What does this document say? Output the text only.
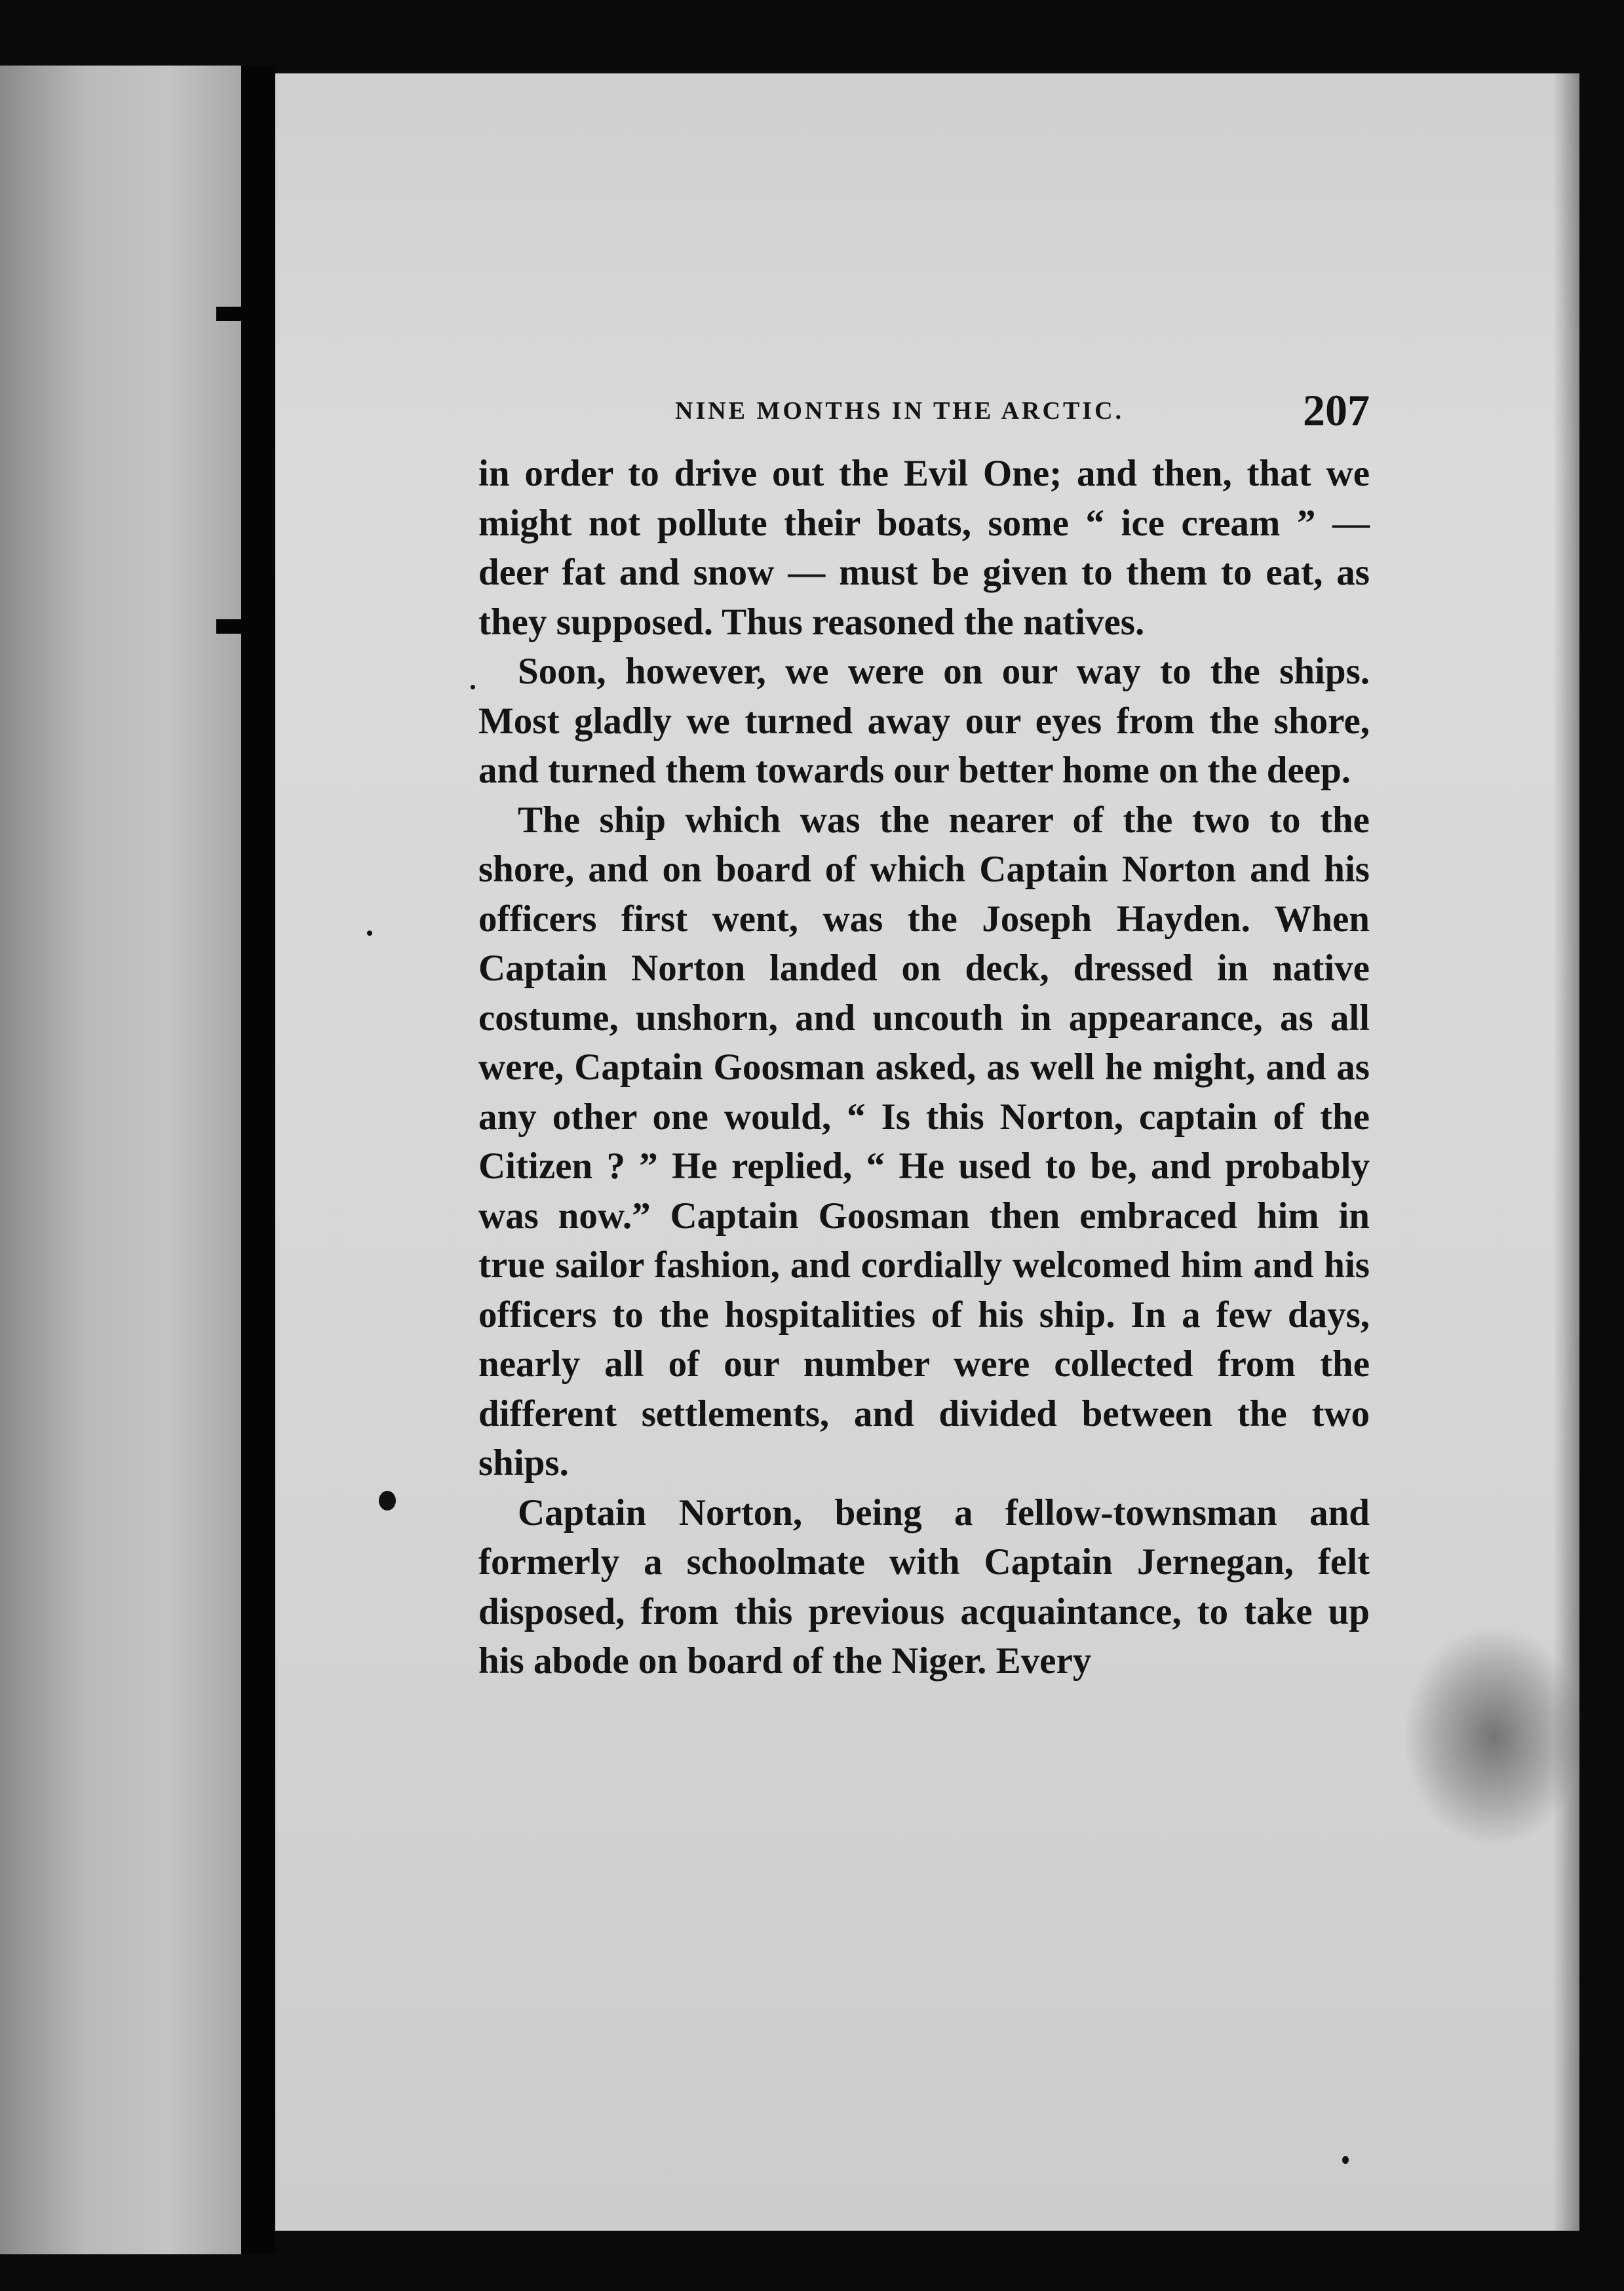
NINE MONTHS IN THE ARCTIC.	207

in order to drive out the Evil One; and then, that we might not pollute their boats, some “ ice cream ” — deer fat and snow — must be given to them to eat, as they supposed. Thus reasoned the natives.

Soon, however, we were on our way to the ships. Most gladly we turned away our eyes from the shore, and turned them towards our better home on the deep.

The ship which was the nearer of the two to the shore, and on board of which Captain Norton and his officers first went, was the Joseph Hayden. When Captain Norton landed on deck, dressed in native costume, unshorn, and uncouth in appearance, as all were, Captain Goosman asked, as well he might, and as any other one would, “ Is this Norton, captain of the Citizen ? ” He replied, “ He used to be, and probably was now.” Captain Goosman then embraced him in true sailor fashion, and cordially welcomed him and his officers to the hospitalities of his ship. In a few days, nearly all of our number were collected from the different settlements, and divided between the two ships.

Captain Norton, being a fellow-townsman and formerly a schoolmate with Captain Jernegan, felt disposed, from this previous acquaintance, to take up his abode on board of the Niger. Every
